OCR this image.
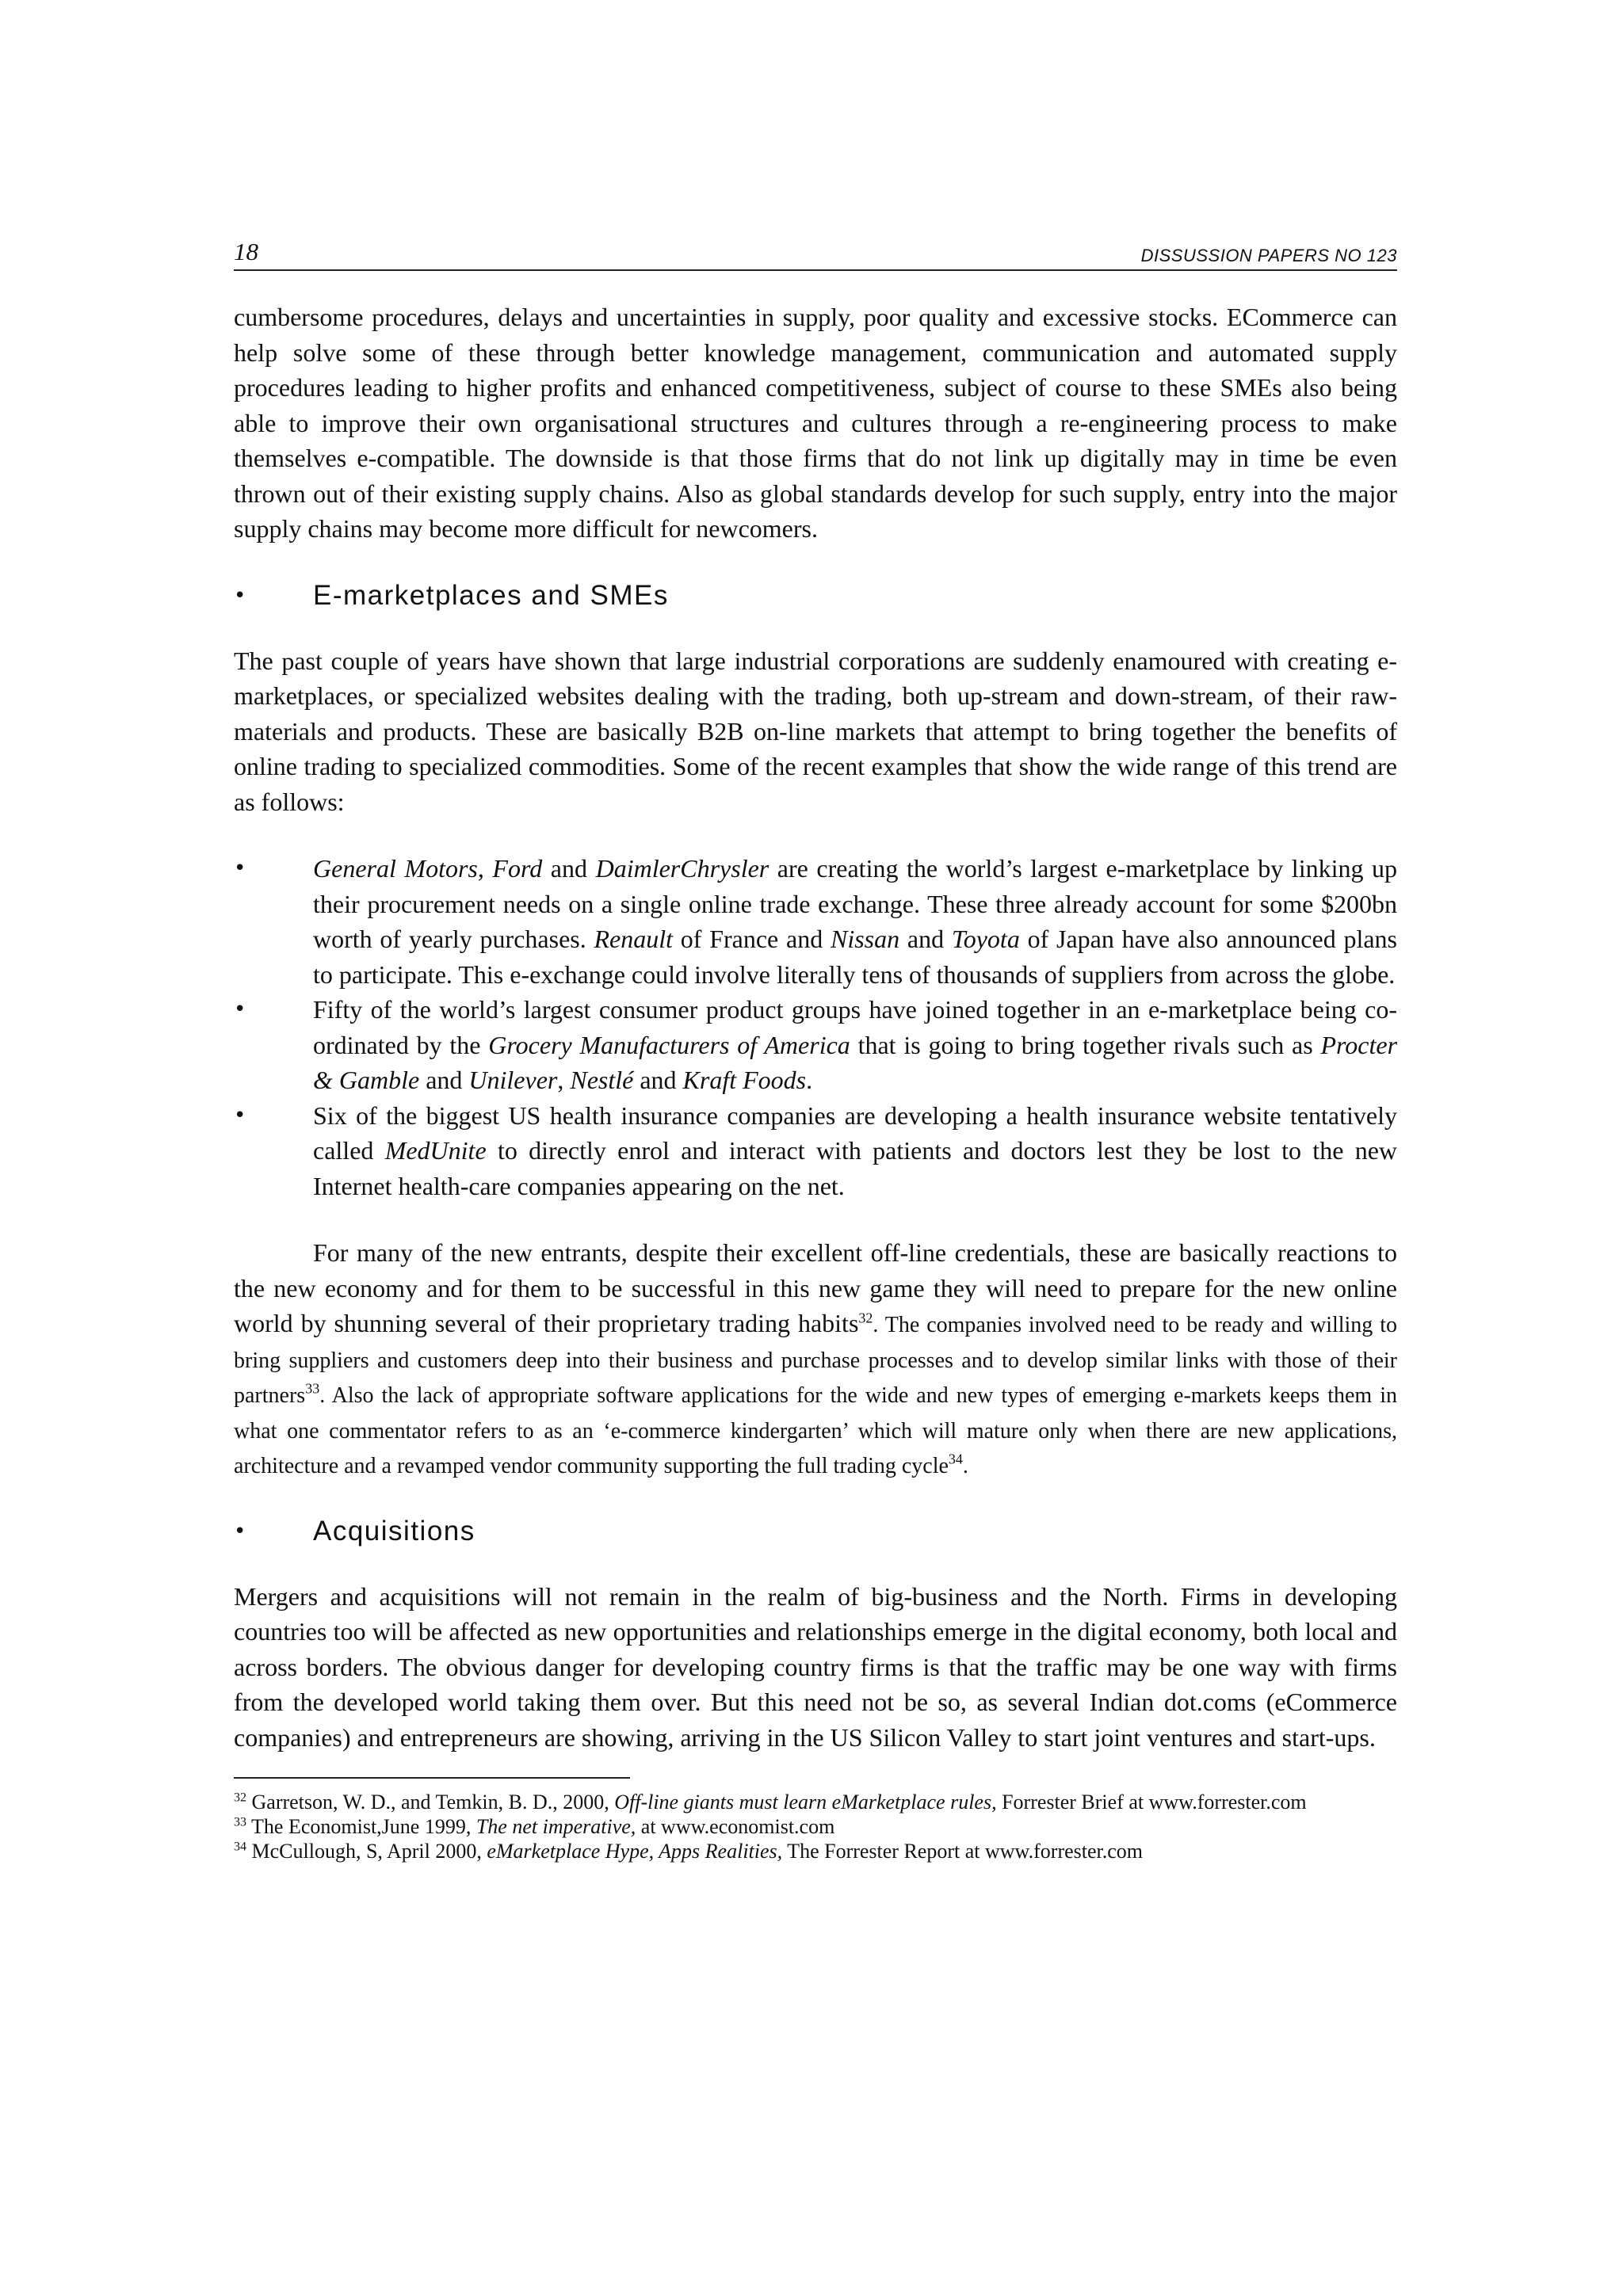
18	DISSUSSION PAPERS NO 123

cumbersome procedures, delays and uncertainties in supply, poor quality and excessive stocks. ECommerce can help solve some of these through better knowledge management, communication and automated supply procedures leading to higher profits and enhanced competitiveness, subject of course to these SMEs also being able to improve their own organisational structures and cultures through a re-engineering process to make themselves e-compatible. The downside is that those firms that do not link up digitally may in time be even thrown out of their existing supply chains. Also as global standards develop for such supply, entry into the major supply chains may become more difficult for newcomers.

•	E-marketplaces and SMEs

The past couple of years have shown that large industrial corporations are suddenly enamoured with creating e-marketplaces, or specialized websites dealing with the trading, both up-stream and down-stream, of their raw-materials and products. These are basically B2B on-line markets that attempt to bring together the benefits of online trading to specialized commodities. Some of the recent examples that show the wide range of this trend are as follows:

•	General Motors, Ford and DaimlerChrysler are creating the world’s largest e-marketplace by linking up their procurement needs on a single online trade exchange. These three already account for some $200bn worth of yearly purchases. Renault of France and Nissan and Toyota of Japan have also announced plans to participate. This e-exchange could involve literally tens of thousands of suppliers from across the globe.
•	Fifty of the world’s largest consumer product groups have joined together in an e-marketplace being co-ordinated by the Grocery Manufacturers of America that is going to bring together rivals such as Procter & Gamble and Unilever, Nestlé and Kraft Foods.
•	Six of the biggest US health insurance companies are developing a health insurance website tentatively called MedUnite to directly enrol and interact with patients and doctors lest they be lost to the new Internet health-care companies appearing on the net.

For many of the new entrants, despite their excellent off-line credentials, these are basically reactions to the new economy and for them to be successful in this new game they will need to prepare for the new online world by shunning several of their proprietary trading habits$^{32}$. The companies involved need to be ready and willing to bring suppliers and customers deep into their business and purchase processes and to develop similar links with those of their partners$^{33}$. Also the lack of appropriate software applications for the wide and new types of emerging e-markets keeps them in what one commentator refers to as an ‘e-commerce kindergarten’ which will mature only when there are new applications, architecture and a revamped vendor community supporting the full trading cycle$^{34}$.

•	Acquisitions

Mergers and acquisitions will not remain in the realm of big-business and the North. Firms in developing countries too will be affected as new opportunities and relationships emerge in the digital economy, both local and across borders. The obvious danger for developing country firms is that the traffic may be one way with firms from the developed world taking them over. But this need not be so, as several Indian dot.coms (eCommerce companies) and entrepreneurs are showing, arriving in the US Silicon Valley to start joint ventures and start-ups.

$^{32}$ Garretson, W. D., and Temkin, B. D., 2000, Off-line giants must learn eMarketplace rules, Forrester Brief at www.forrester.com

$^{33}$ The Economist,June 1999, The net imperative, at www.economist.com

$^{34}$ McCullough, S, April 2000, eMarketplace Hype, Apps Realities, The Forrester Report at www.forrester.com
